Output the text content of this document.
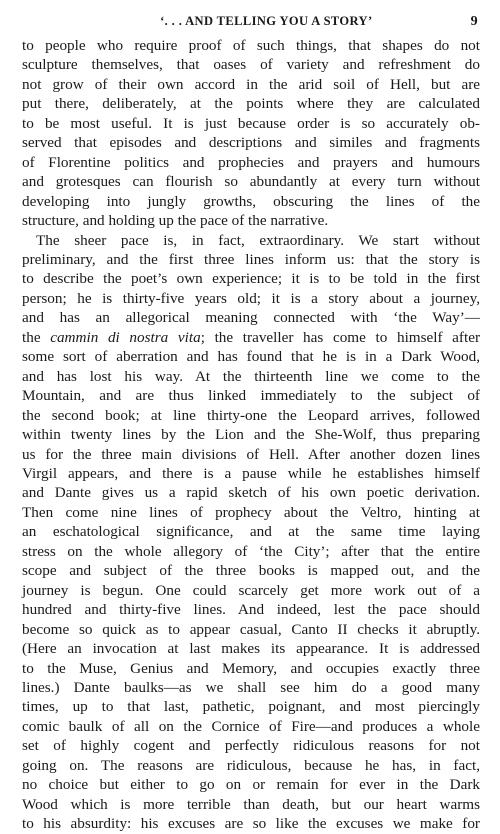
‘. . . AND TELLING YOU A STORY’	9
to people who require proof of such things, that shapes do not
sculpture themselves, that oases of variety and refreshment do
not grow of their own accord in the arid soil of Hell, but are
put there, deliberately, at the points where they are calculated
to be most useful. It is just because order is so accurately ob-
served that episodes and descriptions and similes and fragments
of Florentine politics and prophecies and prayers and humours
and grotesques can flourish so abundantly at every turn without
developing into jungly growths, obscuring the lines of the
structure, and holding up the pace of the narrative.
The sheer pace is, in fact, extraordinary. We start without
preliminary, and the first three lines inform us: that the story is
to describe the poet’s own experience; it is to be told in the first
person; he is thirty-five years old; it is a story about a journey,
and has an allegorical meaning connected with ‘the Way’—
the cammin di nostra vita; the traveller has come to himself after
some sort of aberration and has found that he is in a Dark Wood,
and has lost his way. At the thirteenth line we come to the
Mountain, and are thus linked immediately to the subject of
the second book; at line thirty-one the Leopard arrives, followed
within twenty lines by the Lion and the She-Wolf, thus preparing
us for the three main divisions of Hell. After another dozen lines
Virgil appears, and there is a pause while he establishes himself
and Dante gives us a rapid sketch of his own poetic derivation.
Then come nine lines of prophecy about the Veltro, hinting at
an eschatological significance, and at the same time laying
stress on the whole allegory of ‘the City’; after that the entire
scope and subject of the three books is mapped out, and the
journey is begun. One could scarcely get more work out of a
hundred and thirty-five lines. And indeed, lest the pace should
become so quick as to appear casual, Canto II checks it abruptly.
(Here an invocation at last makes its appearance. It is addressed
to the Muse, Genius and Memory, and occupies exactly three
lines.) Dante baulks—as we shall see him do a good many
times, up to that last, pathetic, poignant, and most piercingly
comic baulk of all on the Cornice of Fire—and produces a whole
set of highly cogent and perfectly ridiculous reasons for not
going on. The reasons are ridiculous, because he has, in fact,
no choice but either to go on or remain for ever in the Dark
Wood which is more terrible than death, but our heart warms
to his absurdity: his excuses are so like the excuses we make for
